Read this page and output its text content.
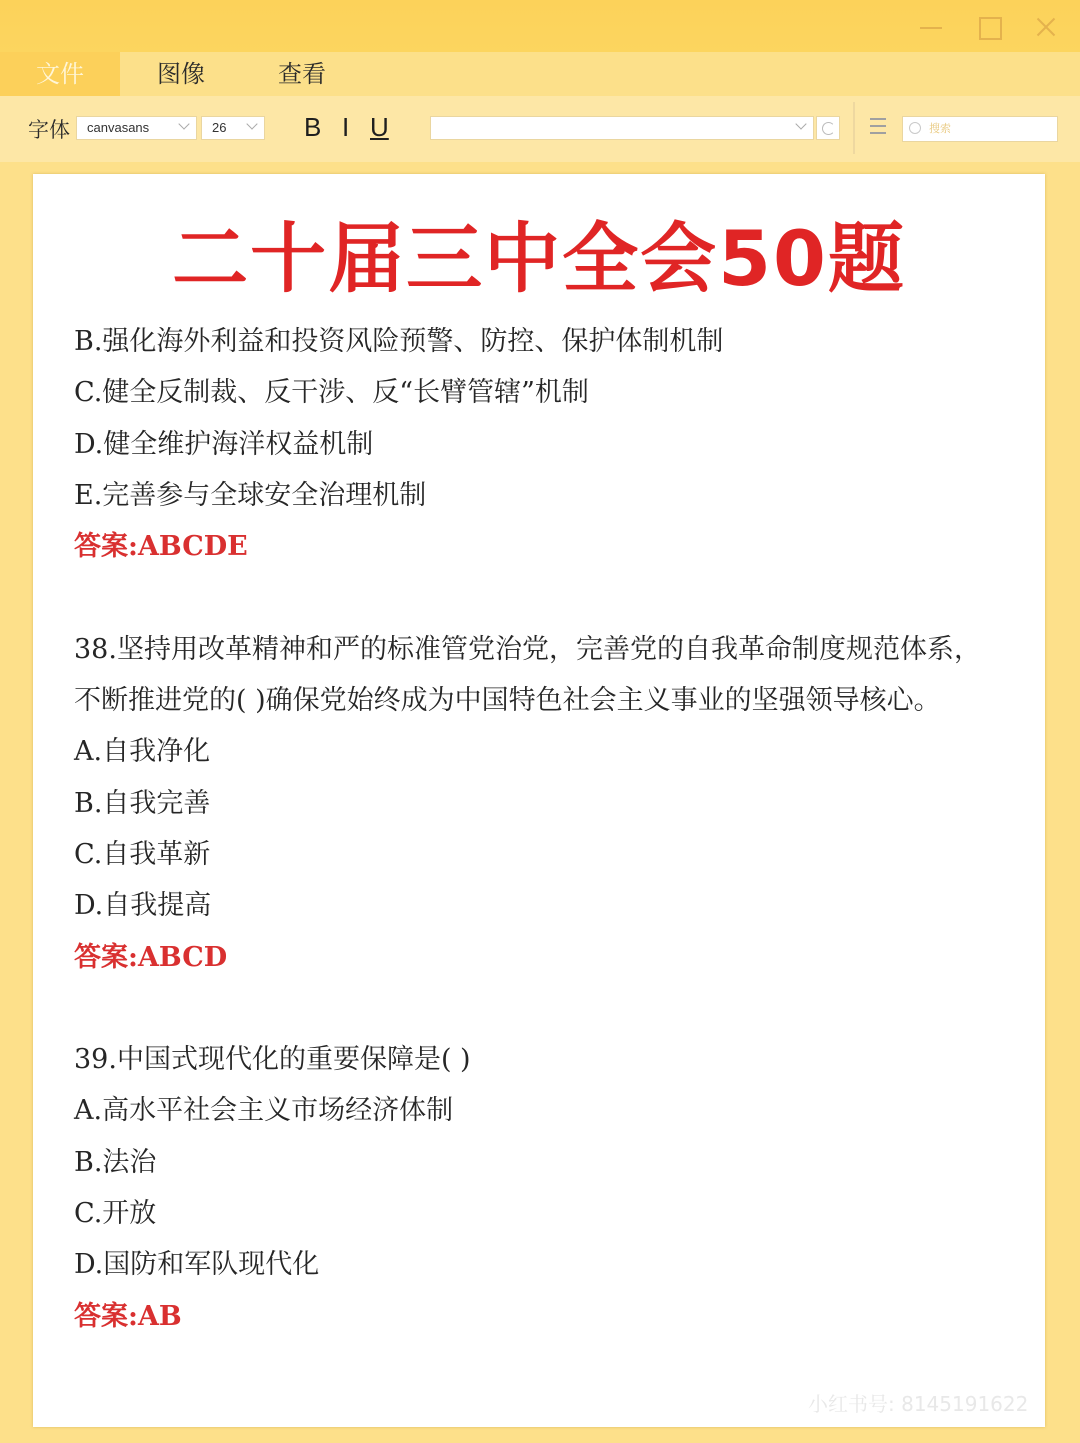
文件	图像	查看
字体	canvasans	26	B I U	搜索
二十届三中全会50题
B.强化海外利益和投资风险预警、防控、保护体制机制
C.健全反制裁、反干涉、反“长臂管辖”机制
D.健全维护海洋权益机制
E.完善参与全球安全治理机制
答案:ABCDE
38.坚持用改革精神和严的标准管党治党，完善党的自我革命制度规范体系，
不断推进党的( )确保党始终成为中国特色社会主义事业的坚强领导核心。
A.自我净化
B.自我完善
C.自我革新
D.自我提高
答案:ABCD
39.中国式现代化的重要保障是( )
A.高水平社会主义市场经济体制
B.法治
C.开放
D.国防和军队现代化
答案:AB
小红书号: 8145191622
